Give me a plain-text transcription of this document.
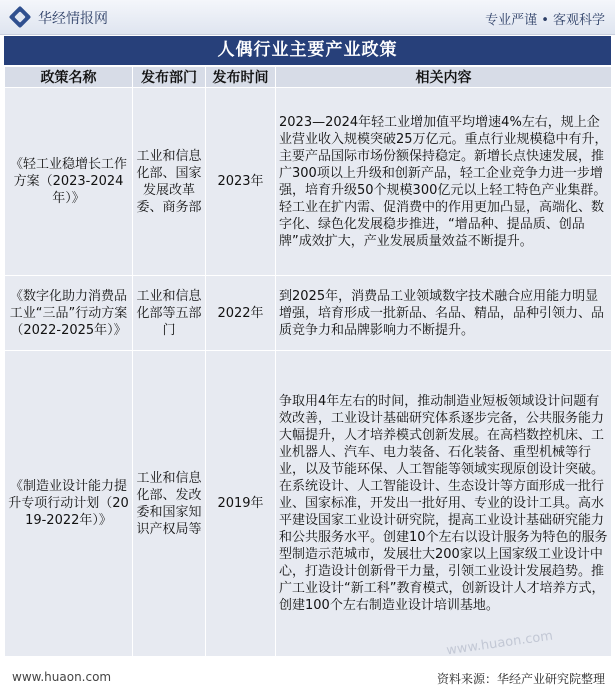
华经情报网	专业严谨 • 客观科学
人偶行业主要产业政策
政策名称	发布部门	发布时间	相关内容
《轻工业稳增长工作方案（2023-2024年）》	工业和信息化部、国家发展改革委、商务部	2023年	2023—2024年轻工业增加值平均增速4%左右，规上企业营业收入规模突破25万亿元。重点行业规模稳中有升，主要产品国际市场份额保持稳定。新增长点快速发展，推广300项以上升级和创新产品，轻工企业竞争力进一步增强，培育升级50个规模300亿元以上轻工特色产业集群。轻工业在扩内需、促消费中的作用更加凸显，高端化、数字化、绿色化发展稳步推进，“增品种、提品质、创品牌”成效扩大，产业发展质量效益不断提升。
《数字化助力消费品工业“三品”行动方案（2022-2025年）》	工业和信息化部等五部门	2022年	到2025年，消费品工业领域数字技术融合应用能力明显增强，培育形成一批新品、名品、精品，品种引领力、品质竞争力和品牌影响力不断提升。
《制造业设计能力提升专项行动计划（2019-2022年）》	工业和信息化部、发改委和国家知识产权局等	2019年	争取用4年左右的时间，推动制造业短板领域设计问题有效改善，工业设计基础研究体系逐步完备，公共服务能力大幅提升，人才培养模式创新发展。在高档数控机床、工业机器人、汽车、电力装备、石化装备、重型机械等行业，以及节能环保、人工智能等领域实现原创设计突破。在系统设计、人工智能设计、生态设计等方面形成一批行业、国家标准，开发出一批好用、专业的设计工具。高水平建设国家工业设计研究院，提高工业设计基础研究能力和公共服务水平。创建10个左右以设计服务为特色的服务型制造示范城市，发展壮大200家以上国家级工业设计中心，打造设计创新骨干力量，引领工业设计发展趋势。推广工业设计“新工科”教育模式，创新设计人才培养方式，创建100个左右制造业设计培训基地。
www.huaon.com
www.huaon.com	资料来源：华经产业研究院整理
